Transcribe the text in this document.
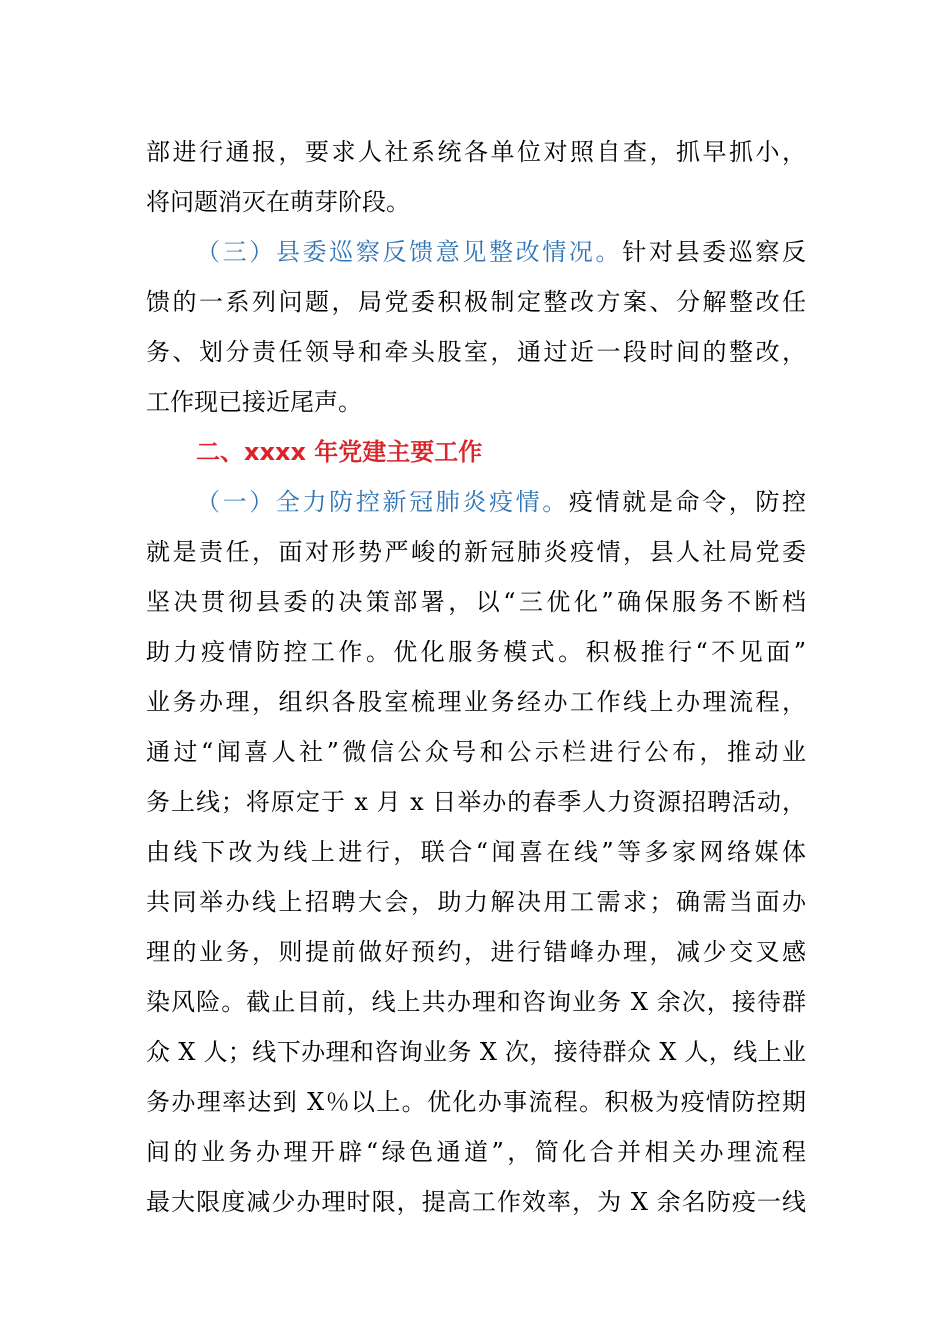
部进行通报，要求人社系统各单位对照自查，抓早抓小，
将问题消灭在萌芽阶段。
（三）县委巡察反馈意见整改情况。针对县委巡察反
馈的一系列问题，局党委积极制定整改方案、分解整改任
务、划分责任领导和牵头股室，通过近一段时间的整改，
工作现已接近尾声。
二、xxxx 年党建主要工作
（一）全力防控新冠肺炎疫情。疫情就是命令，防控
就是责任，面对形势严峻的新冠肺炎疫情，县人社局党委
坚决贯彻县委的决策部署，以“三优化”确保服务不断档
助力疫情防控工作。优化服务模式。积极推行“不见面”
业务办理，组织各股室梳理业务经办工作线上办理流程，
通过“闻喜人社”微信公众号和公示栏进行公布，推动业
务上线；将原定于 x 月 x 日举办的春季人力资源招聘活动，
由线下改为线上进行，联合“闻喜在线”等多家网络媒体
共同举办线上招聘大会，助力解决用工需求；确需当面办
理的业务，则提前做好预约，进行错峰办理，减少交叉感
染风险。截止目前，线上共办理和咨询业务 X 余次，接待群
众 X 人；线下办理和咨询业务 X 次，接待群众 X 人，线上业
务办理率达到 X％以上。优化办事流程。积极为疫情防控期
间的业务办理开辟“绿色通道”，简化合并相关办理流程
最大限度减少办理时限，提高工作效率，为 X 余名防疫一线
